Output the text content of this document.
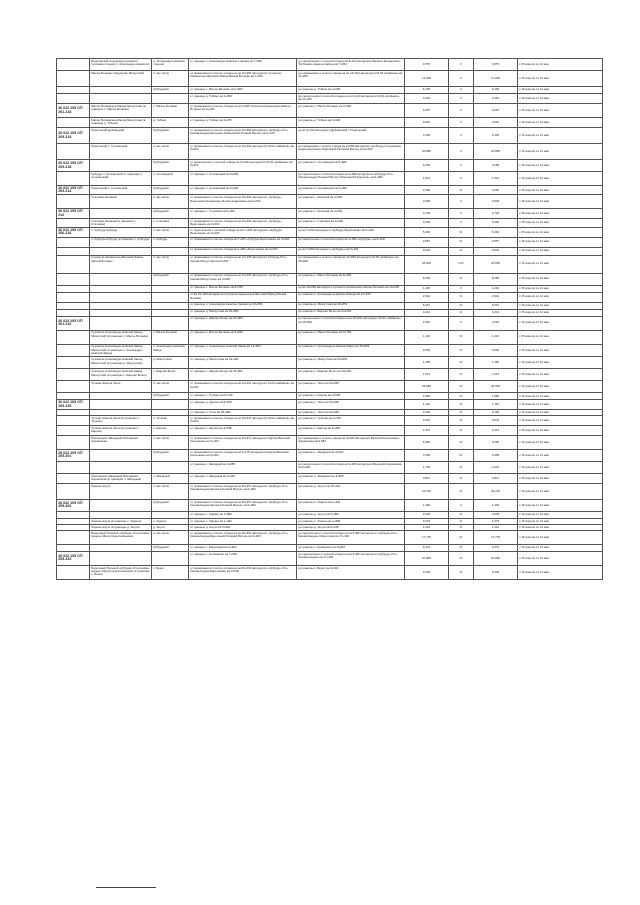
	Берёзовский-Александро-Невская тепловая станция (г. Александро-Невского)	д. Александро-Невская станция	от границы п. Александро-Невское станция км 7+026	до пересечения с полосой отвода км 8+102 автодороги Брянск-Кременское-Трубчевск-граница района км 7+051	0,575	V	0,575	с 15 апреля по 14 мая
	Малое Ботаево-Свердлово-Мишутский	в том числе	от примыкания к полосе отвода на км 10+650 автодороги Сухиничи-Кременское-Высокий Завод-Малый Ботаево км 0+000	до примыкания к полосе отвода на км 15+610 автодороги М-03 «Кабанов» км 11+265	11,048	V	11,048	с 15 апреля по 14 мая
		Кубрудский	от границы с. Малое Ботаево км 0+500	до границы д. Тобино км 2+005	6,105	V	6,105	с 15 апреля по 14 мая
			от границы д. Тобино км 3+950	до пересечения с полосой отвода на км 9+140 автодороги М-03 «Кабанов» км 11+265	3,415	V	3,415	с 15 апреля по 14 мая
26 022 105 ОП 201-218	Малое Ботаевское-Малая Мишутская (в границах с. Малое Ботаево)	с. Малое Ботаево	от примыкания к полосе отвода на км 0+000 Сухиничи-Кременское-Малое Ботаево км 0+225	до границы с. Малое Ботаево км 0+500	0,257	V	0,257	с 15 апреля по 14 мая
	Малое Ботаевское-Малая Мишутская (в границах д. Тобино)	д. Тобино	от границы д. Тобино км 3+075	до границы д. Тобино км 3+946	0,691	V	0,691	с 15 апреля по 14 мая
26 022 105 ОП 205-214	Подольский-Дубовецкий	Кубрудский	от примыкания к полосе отвода на км 10+550 автодороги «Кубрудь-Усть-Кишма-Кыдна-Кирсанов-Тюменский-Полевой Волок» км 0+125	до км 3+150 автодороги Дубовецкий с Подольский	3,105	V	3,105	с 15 апреля по 14 мая
	Подольский с. Соловецкий	в том числе	от примыкания к полосе отвода на км 15+201 автодороги М-03 «Кабанов» км 0+000	до примыкания к полосе отвода км 2+068 автодороги «Кубрудь-Усть-Кишма-Кыдна-Кирсанов-Тюменский-Полевой Волок» км 0+000	10,885	V	10,885	с 15 апреля по 14 мая
26 022 105 ОП 205-218		Кубрудский	от пересечения с полосой отвода км 10+201 автодороги М-03 «Кабанов» км 0+000	до границы п. Соловецкий км 9+800	9,283	V	9,283	с 15 апреля по 14 мая
	Кубрудь п. Соловецкий (п. границах п. Соловецкий)	п. Соловецкий	от границы п. Соловецкий км 9+800	до пересечения с полосой отвода км 2+068 автодороги «Кубрудь-Усть-Кишма-Кыдна-Полевой Волок-Тюменский-Подольск» км 0+000	1,512	V	1,512	с 15 апреля по 14 мая
26 022 105 ОП 205-214	Подольский с. Соловецкий	Кубрудский	от границы п. Соловецкий км 0+000	до границы п. Соловецкий км 2+060	2,060	IV	2,060	с 15 апреля по 14 мая
	Сталевка-Зелёный	в том числе	от примыкания к полосе отвода на км 10+500 автодороги «Кубрудь-Береговый-Колмыково-Лысая-Андреевка» км 0+000	до границы с. Зелёный км 3+590	3,948	V	3,948	с 15 апреля по 14 мая
26 022 105 ОП 212		Кубрудский	от границы с. Сталевка км 0+300	до границы с. Зелёный км 3+590	3,729	V	3,729	с 15 апреля по 14 мая
	Сталевка-Зелёный (в границах с. Сталевка)	с. Сталевка	от примыкания к полосе отвода на км 10+400 автодороги «Кубрудь-Береговый» км 0+000	до границы с. Сталевка км 0+300	0,300	V	0,300	с 15 апреля по 14 мая
26 022 105 ОП 206-216	п. Кубрудь-Кубрудь	в том числе	от пересечения с полосой отвода на км 7+225 автодороги «Кубрудь-Береговый» км 0+000	до км 7+650 автодороги «Кубрудь-Береговый» км 5+464	5,464	IV	5,464	с 15 апреля по 14 мая
	п. Кубрудь-Кубрудь (в границах п. Кубрудь)	п. Кубрудь	от примыкания к полосе отвода км 7+225 «Кубрудь-Береговый» км 0+000	до пересечения с полосой отвода км 1+000 «Кубрудь» км 5+109	3,857	IV	3,857	с 15 апреля по 14 мая
			от примыкания к полосе отвода км 1+000 «Береговый» км 0+000	до км 7+650 автодороги «Кубрудь» км 5+464	0,524	IV	0,524	с 15 апреля по 14 мая
	Сухиничи-Кременское-Высокий Завод-Малый Ботаево	в том числе	от примыкания к полосе отвода на км 14+225 автодороги Кубрудь-Усть-Кишма-Мишутская км 0+000	до примыкания к полосе отвода км 10+650 автодороги М-03 «Кабанов» км 26+836	26,836	IV/V	26,836	с 15 апреля по 14 мая
		Кубрудский	от примыкания к полосе отвода на км 14+225 автодороги «Кубрудь-Усть-Кишма-Мишутская» км 0+000	до границы с. Малое Ботаево км 8+283	8,283	IV	8,283	с 15 апреля по 14 мая
			от границы с. Малое Ботаево км 8+783	до км 10+650 автодороги Сухиничи-Кременское-Малое Ботаево км 10+029	1,246	V	1,246	с 15 апреля по 14 мая
			от км 10+029 автодороги Сухиничи-Кременское-Высокий Завод-Малый Ботаево	до границы с. Александро-Невская Завода км 12+970	2,941	IV	2,941	с 15 апреля по 14 мая
			от границы п. Александро-Невское Завода км 15+860	до границы д. Мишутская км 20+851	5,001	IV	5,001	с 15 апреля по 14 мая
			от границы д. Мишутская км 20+851	до границы с. Шарово Бочко км 24+064	4,213	IV	4,213	с 15 апреля по 14 мая
26 022 105 ОП 201-210			от границы с. Шарово Бочко км 24+064	до пересечения с полосой отвода на км 15+201 автодороги М-03 «Кабанов» км 26+836	2,616	V	2,616	с 15 апреля по 14 мая
	Сухиничи-Александро-Невский Завод-Мишутский (в границах с. Малое Ботаево)	с. Малое Ботаево	от границы с. Малое Ботаево км 8+283	до границы с. Малое Ботаево км 8+783	1,416	IV	1,416	с 15 апреля по 14 мая
	Сухиничи-Александро-Невский Завод-Мишутский (в границах п. Александро-Невский Завод)	п. Александро-Невский Завод	от границы п. Александро-Невский Завод км 12+963	до границы п. Александро-Невский Завод км 15+863	0,902	IV	0,902	с 15 апреля по 14 мая
	Сухиничи-Александро-Невский Завод-Мишутский (в границах д. Мишутская)	д. Мишутская	от границы д. Мишутская км 19+491	до границы д. Мишутская км 20+851	1,360	IV	1,360	с 15 апреля по 14 мая
	Сухиничи-Александро-Невский Завод-Мишутский (в границах с. Шарово Бочко)	с. Шарово Бочко	от границы с. Шарово Бочко км 23+851	до границы с. Шарово Бочко км 24+064	1,213	IV	1,213	с 15 апреля по 14 мая
	Тучково-Карпов-Тюли	в том числе	от примыкания к полосе отвода на км 14+201 автодороги М-03 «Кабанов» км 0+000	до границы с. Тюли км 26+984	26,984	IV	26,984	с 15 апреля по 14 мая
		Кубрудский	от границы с. Тучково км 0+750	до границы п. Карпов км 3+508	1,856	IV	1,856	с 15 апреля по 14 мая
26 022 105 ОП 205-225			от границы п. Карпов км 5+368	до границы с. Тюли км 26+984	1,110	IV	1,110	с 15 апреля по 14 мая
			от границы п. Тюли км 26+984	до границы с. Тюли км 26+984	0,159	IV	0,159	с 15 апреля по 14 мая
	Тучково-Карпов-Тюли (в границах п. Тучково)	п. Тучково	от примыкания к полосе отвода на км 25+847 автодороги М-03 «Кабанов» км 0+000	до границы с. Тучково км 0+750	0,976	IV	0,976	с 15 апреля по 14 мая
	Тучково-Карпов-Тюли (в границах п. Карпов)	п. Карпов	от границы с. Карпов км 3+558	до границы с. Карпов км 5+368	2,413	IV	2,413	с 15 апреля по 14 мая
	Жилищный «Звёздный-Полярный» Апраксинка	в том числе	от примыкания к полосе отвода на км 16+971 автодороги Карпов-Высокий Колышкино км 0+000	до примыкания к полосе отвода км 0+000 автодороги Высокий Колышкино-Апраксинка км 6,084	6,084	IV	6,084	с 15 апреля по 14 мая
25 022 105 ОП 205-201		Кубрудский	от примыкания к полосе отвода на км 0+175 автодороги Карпов-Высокий Колышкино км 0+000	до границы с. Звёздный км 3+064	3,359	IV	3,359	с 15 апреля по 14 мая
			от границы с. Звёздный км 3+855	до пересечения с полосой отвода км 0+000 автодороги Высокий-Апраксинка км 6+084	1,725	IV	2,261	с 15 апреля по 14 мая
	Жилищный «Звёздный-Полярный» Апраксинка (в границах п. Звёздный)	п. Звёздный	от границы п. Звёздный км 3+064	до границы п. Звёздный км 3+855	0,811	IV	0,811	с 15 апреля по 14 мая
	Харино-Анучи	в том числе	от примыкания к полосе отвода на км 29+207 автодороги «Кубрудь-Усть-Кишма-Кыдна-Карпов-Полевой Волок» км 0+000	до границы д. Анучи км 16+216	16,216	IV	16,216	с 15 апреля по 14 мая
26 022 105 ОП 205-202		Кубрудский	от примыкания к полосе отвода на км 29+207 автодороги «Кубрудь-Усть-Кишма-Кыдна-Карпов-Полевой Волок» км 0+000	до границы с. Харино км 1+492	1,492	V	1,492	с 15 апреля по 14 мая
			от границы с. Харино км 1+882	до границы д. Анучи км 5+960	2,078	IV	2,078	с 15 апреля по 14 мая
	Харино-Анучи (в границах с. Харино)	с. Харино	от границы с. Харино км 1+492	до границы с. Харино км 1+882	0,479	IV	0,479	с 15 апреля по 14 мая
	Харино-Анучи (в границах д. Анучи)	д. Анучи	от границы д. Анучи км 5+960	до границы д. Анучи км 6+216	1,216	IV	1,216	с 15 апреля по 14 мая
	Береговый-Полевой «Кубрудь-Усть-Кишма-Кыдна» Мишутская-Колмыково	в том числе	от примыкания к полосе отвода на км 29+303 автодороги «Кубрудь-Усть-Кишма-Кыдна-Береговый-Полевой Волок» км 0+000	до пересечения с полосой отвода на км 9+867 автодороги «Кубрудь-Усть-Кишма-Кыдна» Мишутская км 17+400	17,778	IV	17,778	с 15 апреля по 14 мая
		Кубрудский	от границы с. Береговый км 0+304	до границы с. Колмыково км 9+867	9,474	IV	9,474	с 15 апреля по 14 мая
26 022 105 ОП 205-233			от границы с. Колмыково км 7+255	до пересечения с полосой отвода на км 9+867 автодороги «Кубрудь-Усть-Кишма-Кыдна» км 17+400	10,882	IV	10,882	с 15 апреля по 14 мая
	Береговый-Полевой «Кубрудь-Усть-Кишма-Кыдна» Мишутская-Колмыково (в границах с. Берег)	с. Берег	от примыкания к полосе отвода на км 29+303 автодороги «Кубрудь-Усть-Кишма-Кыдна-Береговый» км 0+000	до границы с. Берег км 0+304	0,330	IV	0,330	с 15 апреля по 14 мая
